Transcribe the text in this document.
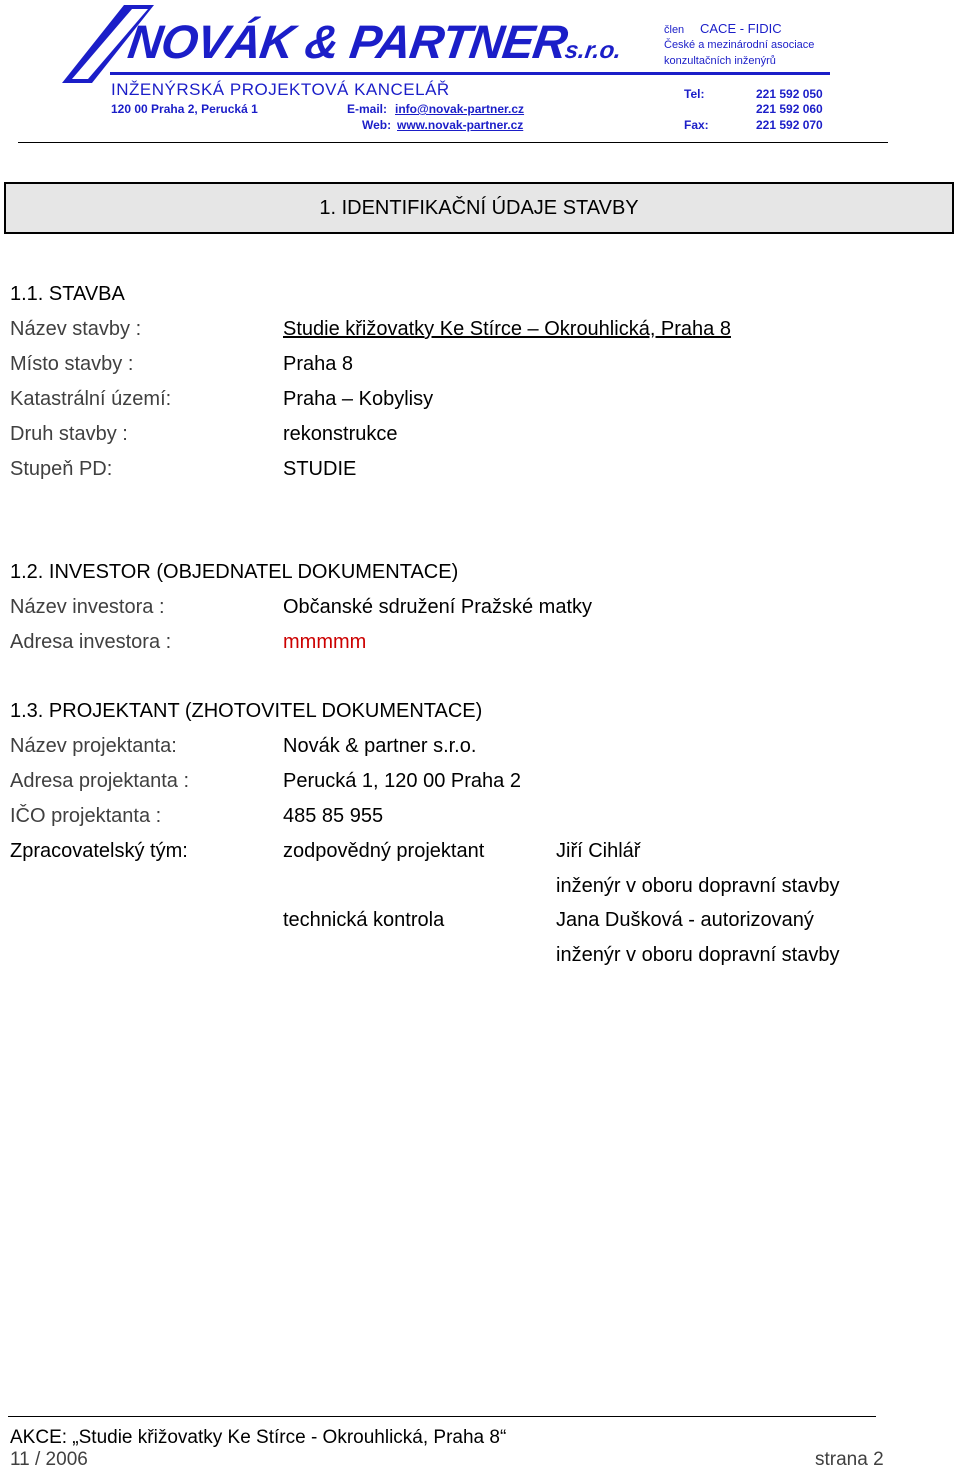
NOVÁK & PARTNERs.r.o.
člen CACE - FIDIC
České a mezinárodní asociace
konzultačních inženýrů
INŽENÝRSKÁ PROJEKTOVÁ KANCELÁŘ
120 00 Praha 2, Perucká 1	E-mail: info@novak-partner.cz
Web: www.novak-partner.cz
Tel:	221 592 050
221 592 060
Fax:	221 592 070
1. IDENTIFIKAČNÍ ÚDAJE STAVBY
1.1. STAVBA
Název stavby :	Studie křižovatky Ke Stírce – Okrouhlická, Praha 8
Místo stavby :	Praha 8
Katastrální území:	Praha – Kobylisy
Druh stavby :	rekonstrukce
Stupeň PD:	STUDIE
1.2. INVESTOR (OBJEDNATEL DOKUMENTACE)
Název investora :	Občanské sdružení Pražské matky
Adresa investora :	mmmmm
1.3. PROJEKTANT (ZHOTOVITEL DOKUMENTACE)
Název projektanta:	Novák & partner s.r.o.
Adresa projektanta :	Perucká 1, 120 00 Praha 2
IČO projektanta :	485 85 955
Zpracovatelský tým:	zodpovědný projektant	Jiří Cihlář
inženýr v oboru dopravní stavby
technická kontrola	Jana Dušková - autorizovaný
inženýr v oboru dopravní stavby
AKCE: „Studie křižovatky Ke Stírce - Okrouhlická, Praha 8“
11 / 2006	strana 2
